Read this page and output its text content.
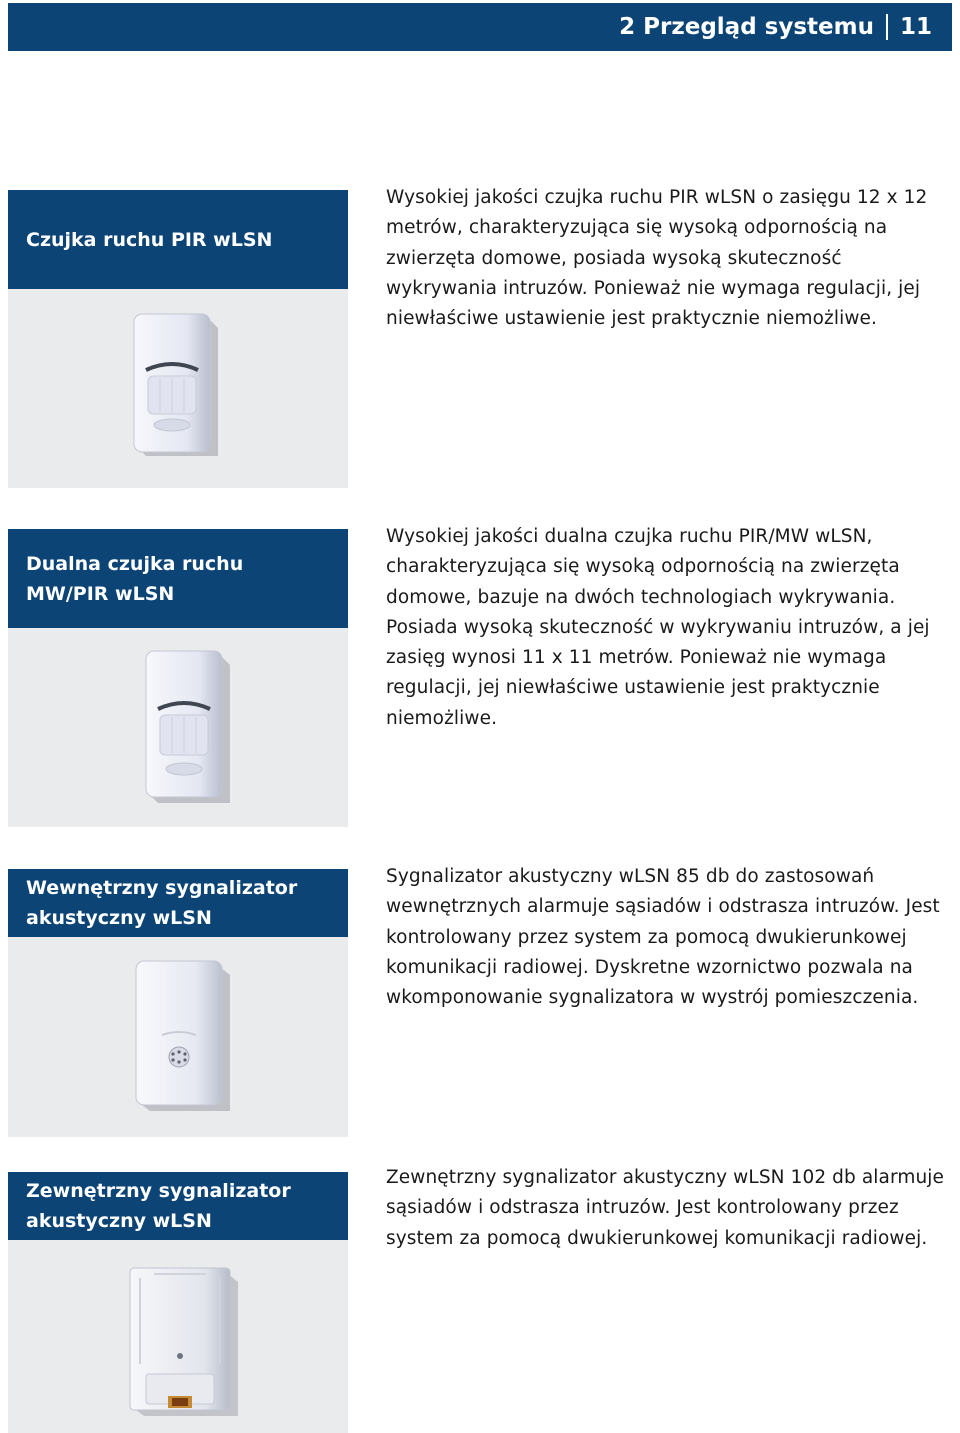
2 Przegląd systemu 11
Czujka ruchu PIR wLSN
Wysokiej jakości czujka ruchu PIR wLSN o zasięgu 12 x 12 metrów, charakteryzująca się wysoką odpornością na zwierzęta domowe, posiada wysoką skuteczność wykrywania intruzów. Ponieważ nie wymaga regulacji, jej niewłaściwe ustawienie jest praktycznie niemożliwe.
Dualna czujka ruchu
MW/PIR wLSN
Wysokiej jakości dualna czujka ruchu PIR/MW wLSN, charakteryzująca się wysoką odpornością na zwierzęta domowe, bazuje na dwóch technologiach wykrywania. Posiada wysoką skuteczność w wykrywaniu intruzów, a jej zasięg wynosi 11 x 11 metrów. Ponieważ nie wymaga regulacji, jej niewłaściwe ustawienie jest praktycznie niemożliwe.
Wewnętrzny sygnalizator
akustyczny wLSN
Sygnalizator akustyczny wLSN 85 db do zastosowań wewnętrznych alarmuje sąsiadów i odstrasza intruzów. Jest kontrolowany przez system za pomocą dwukierunkowej komunikacji radiowej. Dyskretne wzornictwo pozwala na wkomponowanie sygnalizatora w wystrój pomieszczenia.
Zewnętrzny sygnalizator
akustyczny wLSN
Zewnętrzny sygnalizator akustyczny wLSN 102 db alarmuje sąsiadów i odstrasza intruzów. Jest kontrolowany przez system za pomocą dwukierunkowej komunikacji radiowej.
